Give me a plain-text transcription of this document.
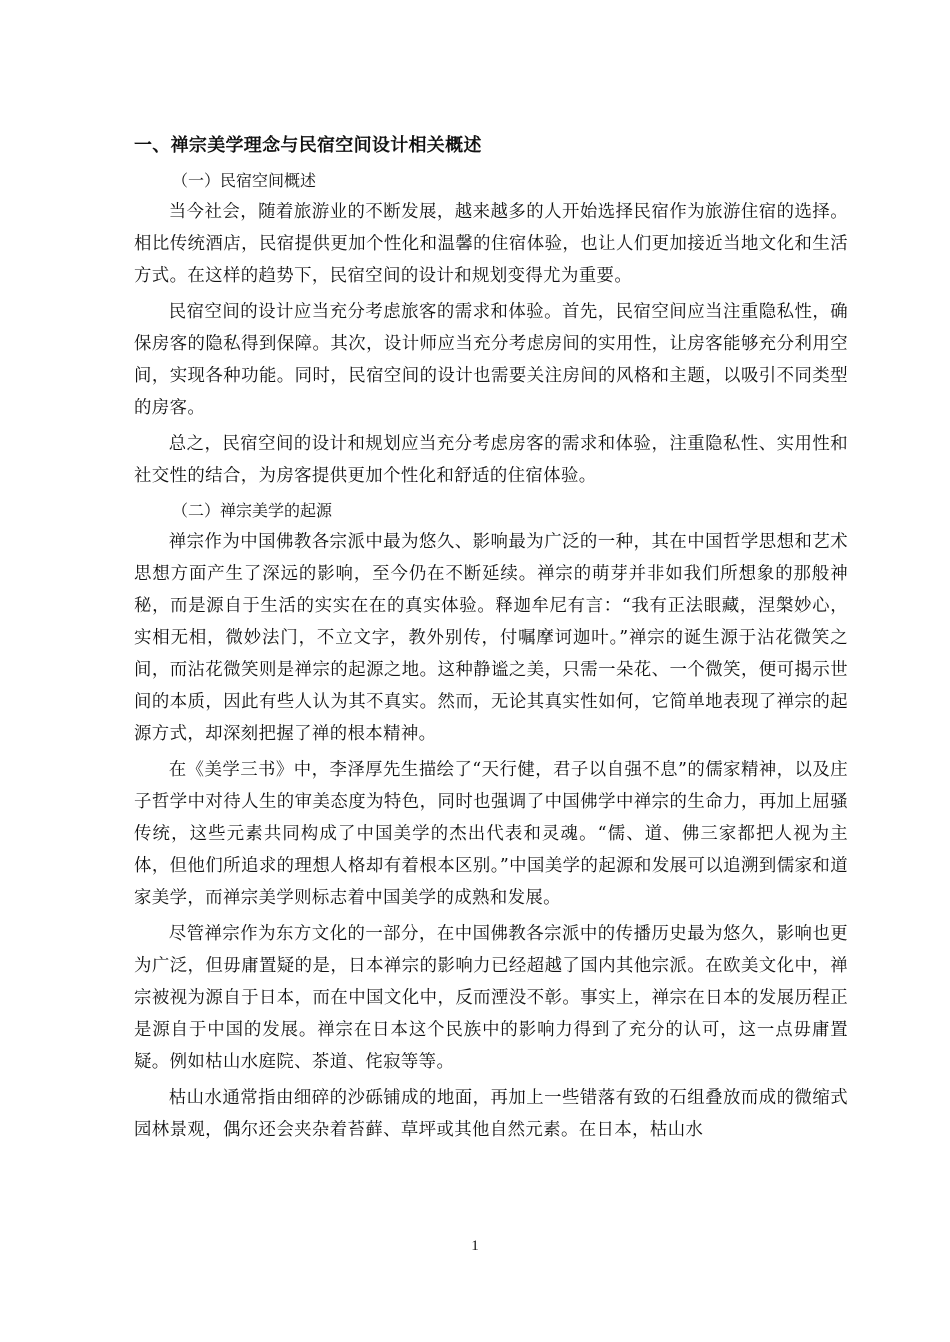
一、禅宗美学理念与民宿空间设计相关概述
（一）民宿空间概述

当今社会，随着旅游业的不断发展，越来越多的人开始选择民宿作为旅游住宿的选择。相比传统酒店，民宿提供更加个性化和温馨的住宿体验，也让人们更加接近当地文化和生活方式。在这样的趋势下，民宿空间的设计和规划变得尤为重要。

民宿空间的设计应当充分考虑旅客的需求和体验。首先，民宿空间应当注重隐私性，确保房客的隐私得到保障。其次，设计师应当充分考虑房间的实用性，让房客能够充分利用空间，实现各种功能。同时，民宿空间的设计也需要关注房间的风格和主题，以吸引不同类型的房客。

总之，民宿空间的设计和规划应当充分考虑房客的需求和体验，注重隐私性、实用性和社交性的结合，为房客提供更加个性化和舒适的住宿体验。

（二）禅宗美学的起源

禅宗作为中国佛教各宗派中最为悠久、影响最为广泛的一种，其在中国哲学思想和艺术思想方面产生了深远的影响，至今仍在不断延续。禅宗的萌芽并非如我们所想象的那般神秘，而是源自于生活的实实在在的真实体验。释迦牟尼有言：“我有正法眼藏，涅槃妙心，实相无相，微妙法门，不立文字，教外别传，付嘱摩诃迦叶。”禅宗的诞生源于沾花微笑之间，而沾花微笑则是禅宗的起源之地。这种静谧之美，只需一朵花、一个微笑，便可揭示世间的本质，因此有些人认为其不真实。然而，无论其真实性如何，它简单地表现了禅宗的起源方式，却深刻把握了禅的根本精神。

在《美学三书》中，李泽厚先生描绘了“天行健，君子以自强不息”的儒家精神，以及庄子哲学中对待人生的审美态度为特色，同时也强调了中国佛学中禅宗的生命力，再加上屈骚传统，这些元素共同构成了中国美学的杰出代表和灵魂。“儒、道、佛三家都把人视为主体，但他们所追求的理想人格却有着根本区别。”中国美学的起源和发展可以追溯到儒家和道家美学，而禅宗美学则标志着中国美学的成熟和发展。

尽管禅宗作为东方文化的一部分，在中国佛教各宗派中的传播历史最为悠久，影响也更为广泛，但毋庸置疑的是，日本禅宗的影响力已经超越了国内其他宗派。在欧美文化中，禅宗被视为源自于日本，而在中国文化中，反而湮没不彰。事实上，禅宗在日本的发展历程正是源自于中国的发展。禅宗在日本这个民族中的影响力得到了充分的认可，这一点毋庸置疑。例如枯山水庭院、茶道、侘寂等等。

枯山水通常指由细碎的沙砾铺成的地面，再加上一些错落有致的石组叠放而成的微缩式园林景观，偶尔还会夹杂着苔藓、草坪或其他自然元素。在日本，枯山水

1
